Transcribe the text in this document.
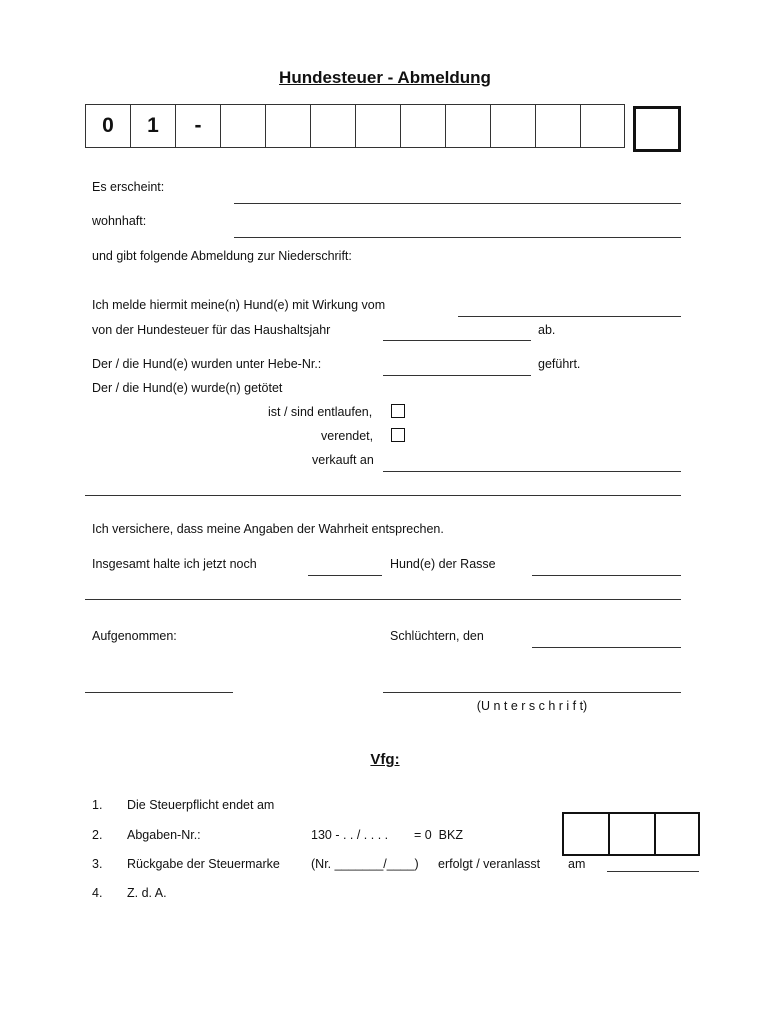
Hundesteuer - Abmeldung
0	1	-
Es erscheint:
wohnhaft:
und gibt folgende Abmeldung zur Niederschrift:
Ich melde hiermit meine(n) Hund(e) mit Wirkung vom
von der Hundesteuer für das Haushaltsjahr	ab.
Der / die Hund(e) wurden unter Hebe-Nr.:	geführt.
Der / die Hund(e) wurde(n) getötet
ist / sind entlaufen,
verendet,
verkauft an
Ich versichere, dass meine Angaben der Wahrheit entsprechen.
Insgesamt halte ich jetzt noch	Hund(e) der Rasse
Aufgenommen:	Schlüchtern, den
(U n t e r s c h r i f t)
Vfg:
1. Die Steuerpflicht endet am
2. Abgaben-Nr.:	130 - . . / . . . . = 0  BKZ
3. Rückgabe der Steuermarke (Nr. _______/____) erfolgt / veranlasst am
4. Z. d. A.
